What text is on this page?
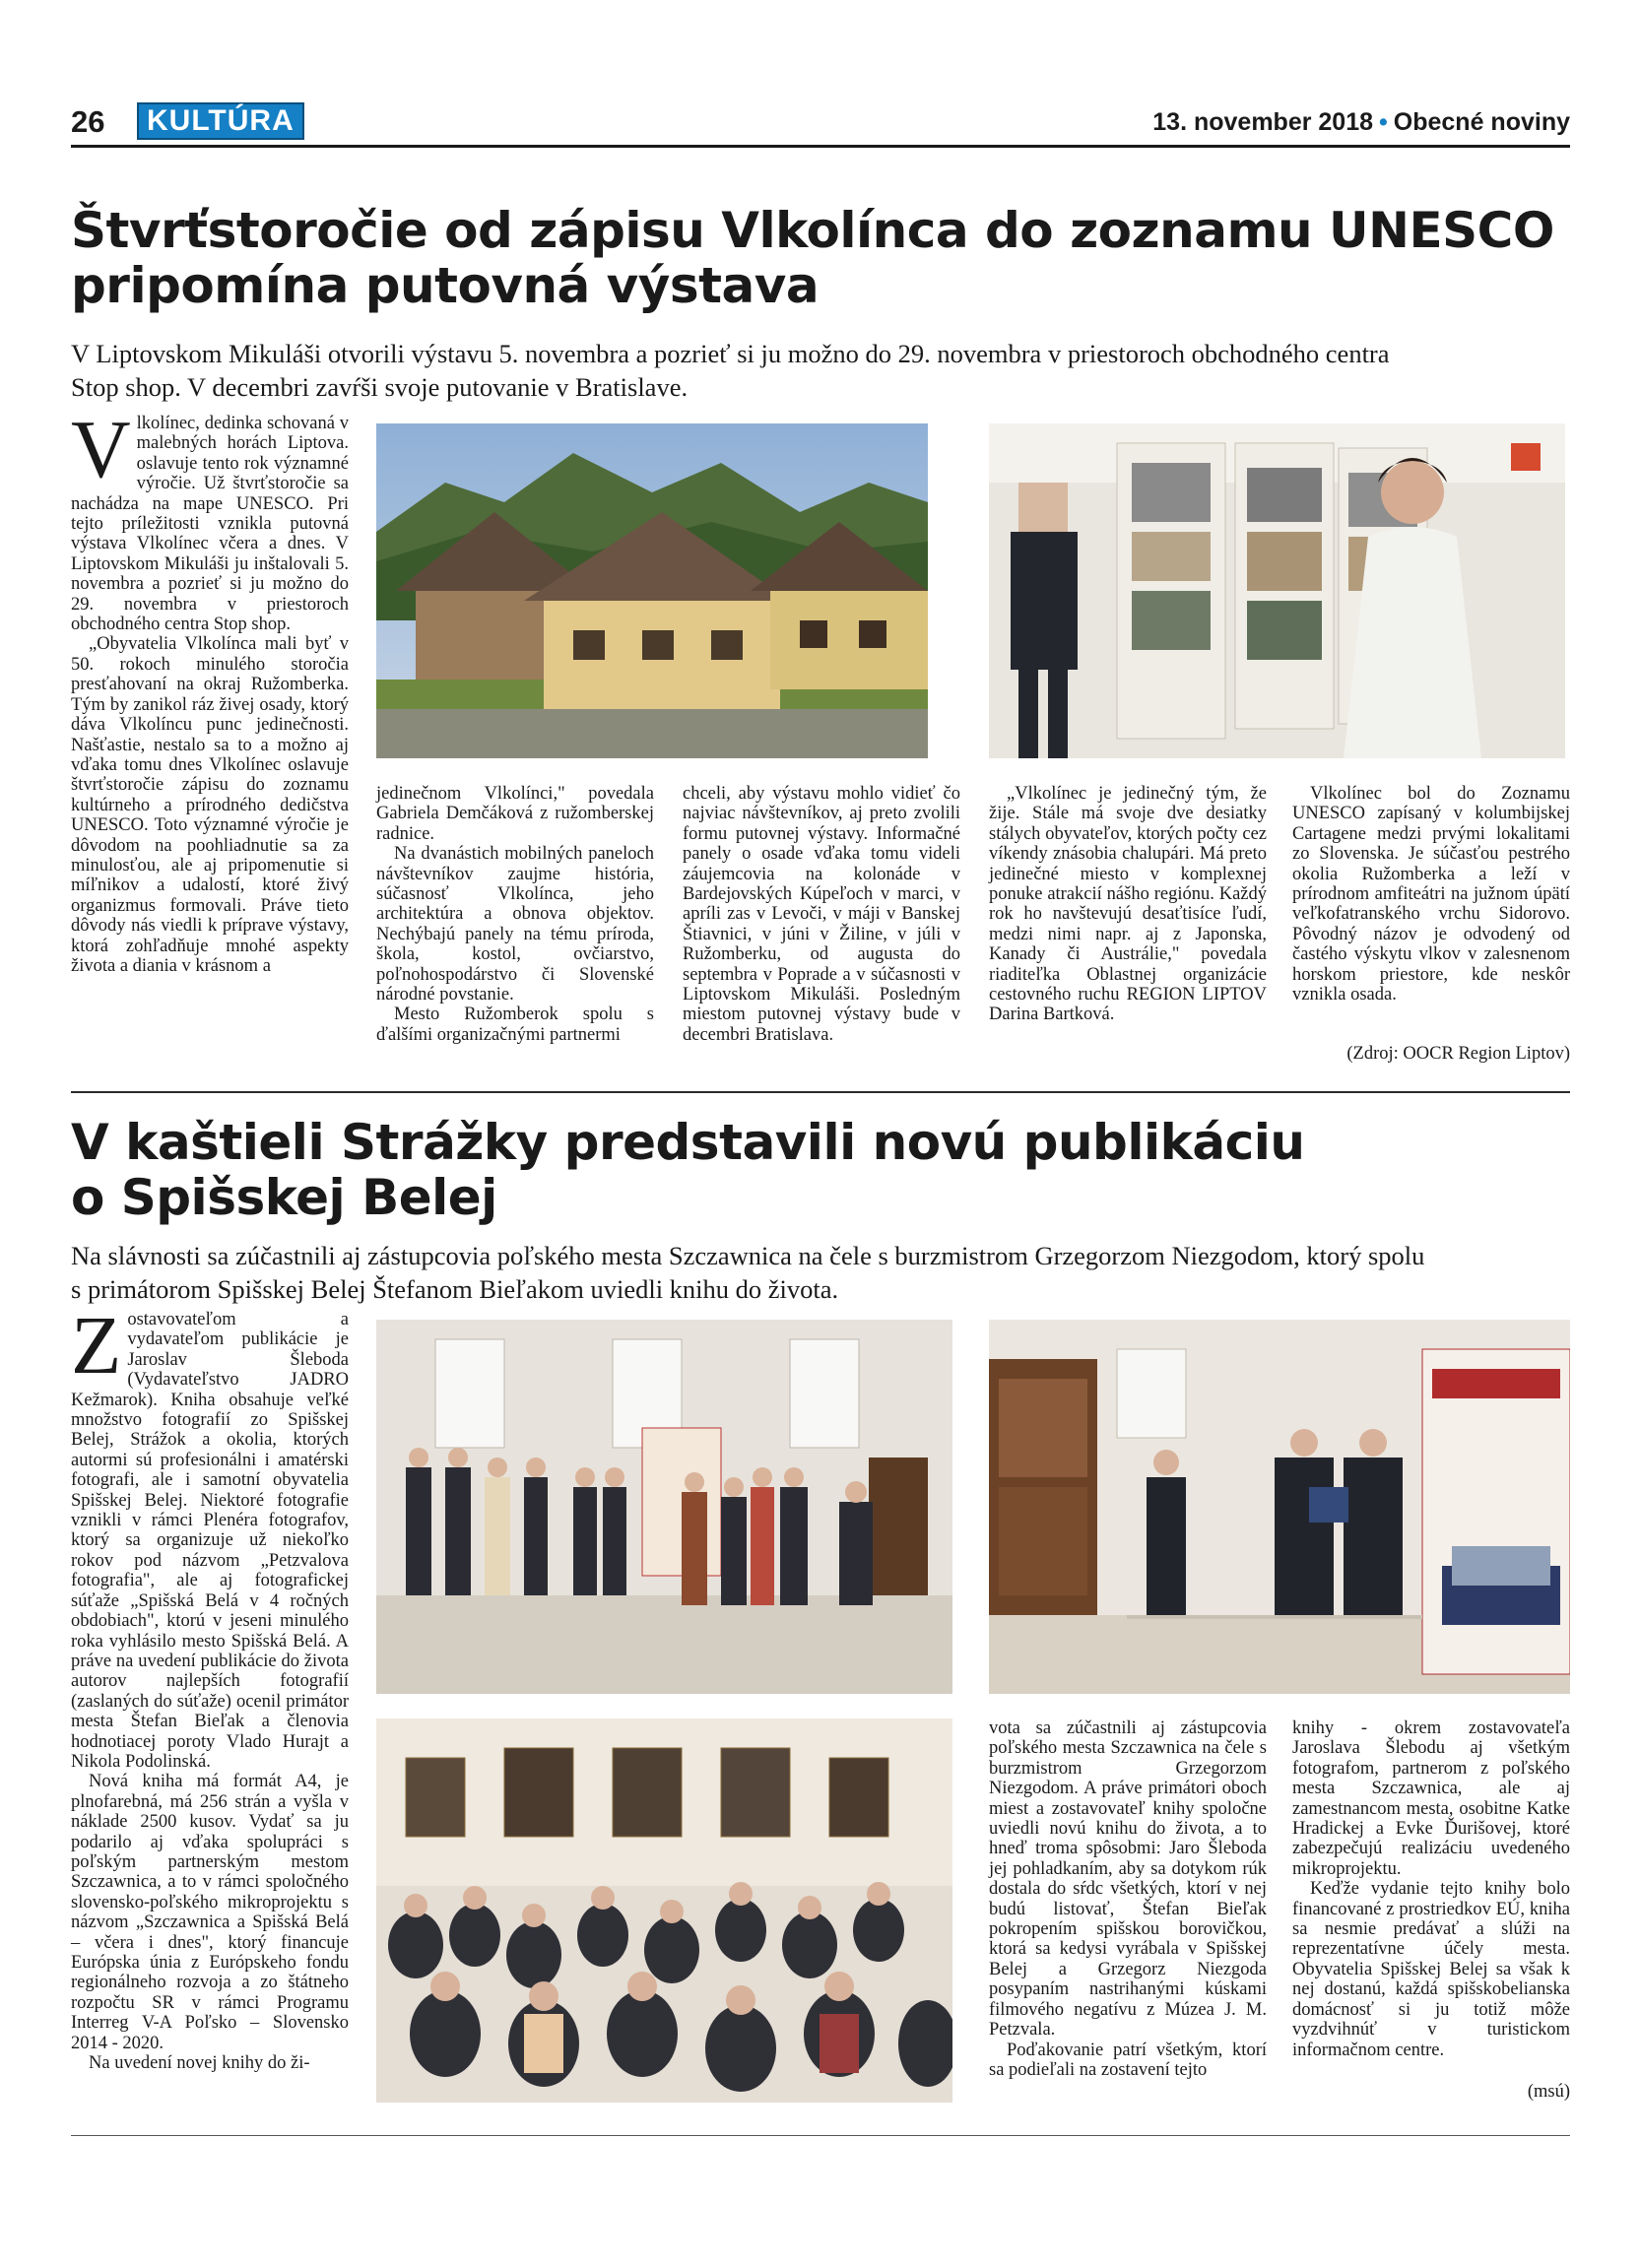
26	KULTÚRA	13. november 2018 • Obecné noviny
Štvrťstoročie od zápisu Vlkolínca do zoznamu UNESCO
pripomína putovná výstava
V Liptovskom Mikuláši otvorili výstavu 5. novembra a pozrieť si ju možno do 29. novembra v priestoroch obchodného centra
Stop shop. V decembri zavŕši svoje putovanie v Bratislave.

Vlkolínec, dedinka schovaná v malebných horách Liptova. oslavuje tento rok významné výročie. Už štvrťstoročie sa nachádza na mape UNESCO. Pri tejto príležitosti vznikla putovná výstava Vlkolínec včera a dnes. V Liptovskom Mikuláši ju inštalovali 5. novembra a pozrieť si ju možno do 29. novembra v priestoroch obchodného centra Stop shop.

„Obyvatelia Vlkolínca mali byť v 50. rokoch minulého storočia presťahovaní na okraj Ružomberka. Tým by zanikol ráz živej osady, ktorý dáva Vlkolíncu punc jedinečnosti. Našťastie, nestalo sa to a možno aj vďaka tomu dnes Vlkolínec oslavuje štvrťstoročie zápisu do zoznamu kultúrneho a prírodného dedičstva UNESCO. Toto významné výročie je dôvodom na poohliadnutie sa za minulosťou, ale aj pripomenutie si míľnikov a udalostí, ktoré živý organizmus formovali. Práve tieto dôvody nás viedli k príprave výstavy, ktorá zohľadňuje mnohé aspekty života a diania v krásnom a

jedinečnom Vlkolínci," povedala Gabriela Demčáková z ružomberskej radnice.

Na dvanástich mobilných paneloch návštevníkov zaujme história, súčasnosť Vlkolínca, jeho architektúra a obnova objektov. Nechýbajú panely na tému príroda, škola, kostol, ovčiarstvo, poľnohospodárstvo či Slovenské národné povstanie.

Mesto Ružomberok spolu s ďalšími organizačnými partnermi

chceli, aby výstavu mohlo vidieť čo najviac návštevníkov, aj preto zvolili formu putovnej výstavy. Informačné panely o osade vďaka tomu videli záujemcovia na kolonáde v Bardejovských Kúpeľoch v marci, v apríli zas v Levoči, v máji v Banskej Štiavnici, v júni v Žiline, v júli v Ružomberku, od augusta do septembra v Poprade a v súčasnosti v Liptovskom Mikuláši. Posledným miestom putovnej výstavy bude v decembri Bratislava.

„Vlkolínec je jedinečný tým, že žije. Stále má svoje dve desiatky stálych obyvateľov, ktorých počty cez víkendy znásobia chalupári. Má preto jedinečné miesto v komplexnej ponuke atrakcií nášho regiónu. Každý rok ho navštevujú desaťtisíce ľudí, medzi nimi napr. aj z Japonska, Kanady či Austrálie," povedala riaditeľka Oblastnej organizácie cestovného ruchu REGION LIPTOV Darina Bartková.

Vlkolínec bol do Zoznamu UNESCO zapísaný v kolumbijskej Cartagene medzi prvými lokalitami zo Slovenska. Je súčasťou pestrého okolia Ružomberka a leží v prírodnom amfiteátri na južnom úpätí veľkofatranského vrchu Sidorovo. Pôvodný názov je odvodený od častého výskytu vlkov v zalesnenom horskom priestore, kde neskôr vznikla osada.

(Zdroj: OOCR Region Liptov)
V kaštieli Strážky predstavili novú publikáciu
o Spišskej Belej
Na slávnosti sa zúčastnili aj zástupcovia poľského mesta Szczawnica na čele s burzmistrom Grzegorzom Niezgodom, ktorý spolu
s primátorom Spišskej Belej Štefanom Bieľakom uviedli knihu do života.

Zostavovateľom a vydavateľom publikácie je Jaroslav Šleboda (Vydavateľstvo JADRO Kežmarok). Kniha obsahuje veľké množstvo fotografií zo Spišskej Belej, Strážok a okolia, ktorých autormi sú profesionálni i amatérski fotografi, ale i samotní obyvatelia Spišskej Belej. Niektoré fotografie vznikli v rámci Plenéra fotografov, ktorý sa organizuje už niekoľko rokov pod názvom „Petzvalova fotografia", ale aj fotografickej súťaže „Spišská Belá v 4 ročných obdobiach", ktorú v jeseni minulého roka vyhlásilo mesto Spišská Belá. A práve na uvedení publikácie do života autorov najlepších fotografií (zaslaných do súťaže) ocenil primátor mesta Štefan Bieľak a členovia hodnotiacej poroty Vlado Hurajt a Nikola Podolinská.

Nová kniha má formát A4, je plnofarebná, má 256 strán a vyšla v náklade 2500 kusov. Vydať sa ju podarilo aj vďaka spolupráci s poľským partnerským mestom Szczawnica, a to v rámci spoločného slovensko-poľského mikroprojektu s názvom „Szczawnica a Spišská Belá – včera i dnes", ktorý financuje Európska únia z Európskeho fondu regionálneho rozvoja a zo štátneho rozpočtu SR v rámci Programu Interreg V-A Poľsko – Slovensko 2014 - 2020.

Na uvedení novej knihy do ži-

vota sa zúčastnili aj zástupcovia poľského mesta Szczawnica na čele s burzmistrom Grzegorzom Niezgodom. A práve primátori oboch miest a zostavovateľ knihy spoločne uviedli novú knihu do života, a to hneď troma spôsobmi: Jaro Šleboda jej pohladkaním, aby sa dotykom rúk dostala do sŕdc všetkých, ktorí v nej budú listovať, Štefan Bieľak pokropením spišskou borovičkou, ktorá sa kedysi vyrábala v Spišskej Belej a Grzegorz Niezgoda posypaním nastrihanými kúskami filmového negatívu z Múzea J. M. Petzvala.

Poďakovanie patrí všetkým, ktorí sa podieľali na zostavení tejto

knihy - okrem zostavovateľa Jaroslava Šlebodu aj všetkým fotografom, partnerom z poľského mesta Szczawnica, ale aj zamestnancom mesta, osobitne Katke Hradickej a Evke Ďurišovej, ktoré zabezpečujú realizáciu uvedeného mikroprojektu.

Keďže vydanie tejto knihy bolo financované z prostriedkov EÚ, kniha sa nesmie predávať a slúži na reprezentatívne účely mesta. Obyvatelia Spišskej Belej sa však k nej dostanú, každá spišskobelianska domácnosť si ju totiž môže vyzdvihnúť v turistickom informačnom centre.

(msú)
